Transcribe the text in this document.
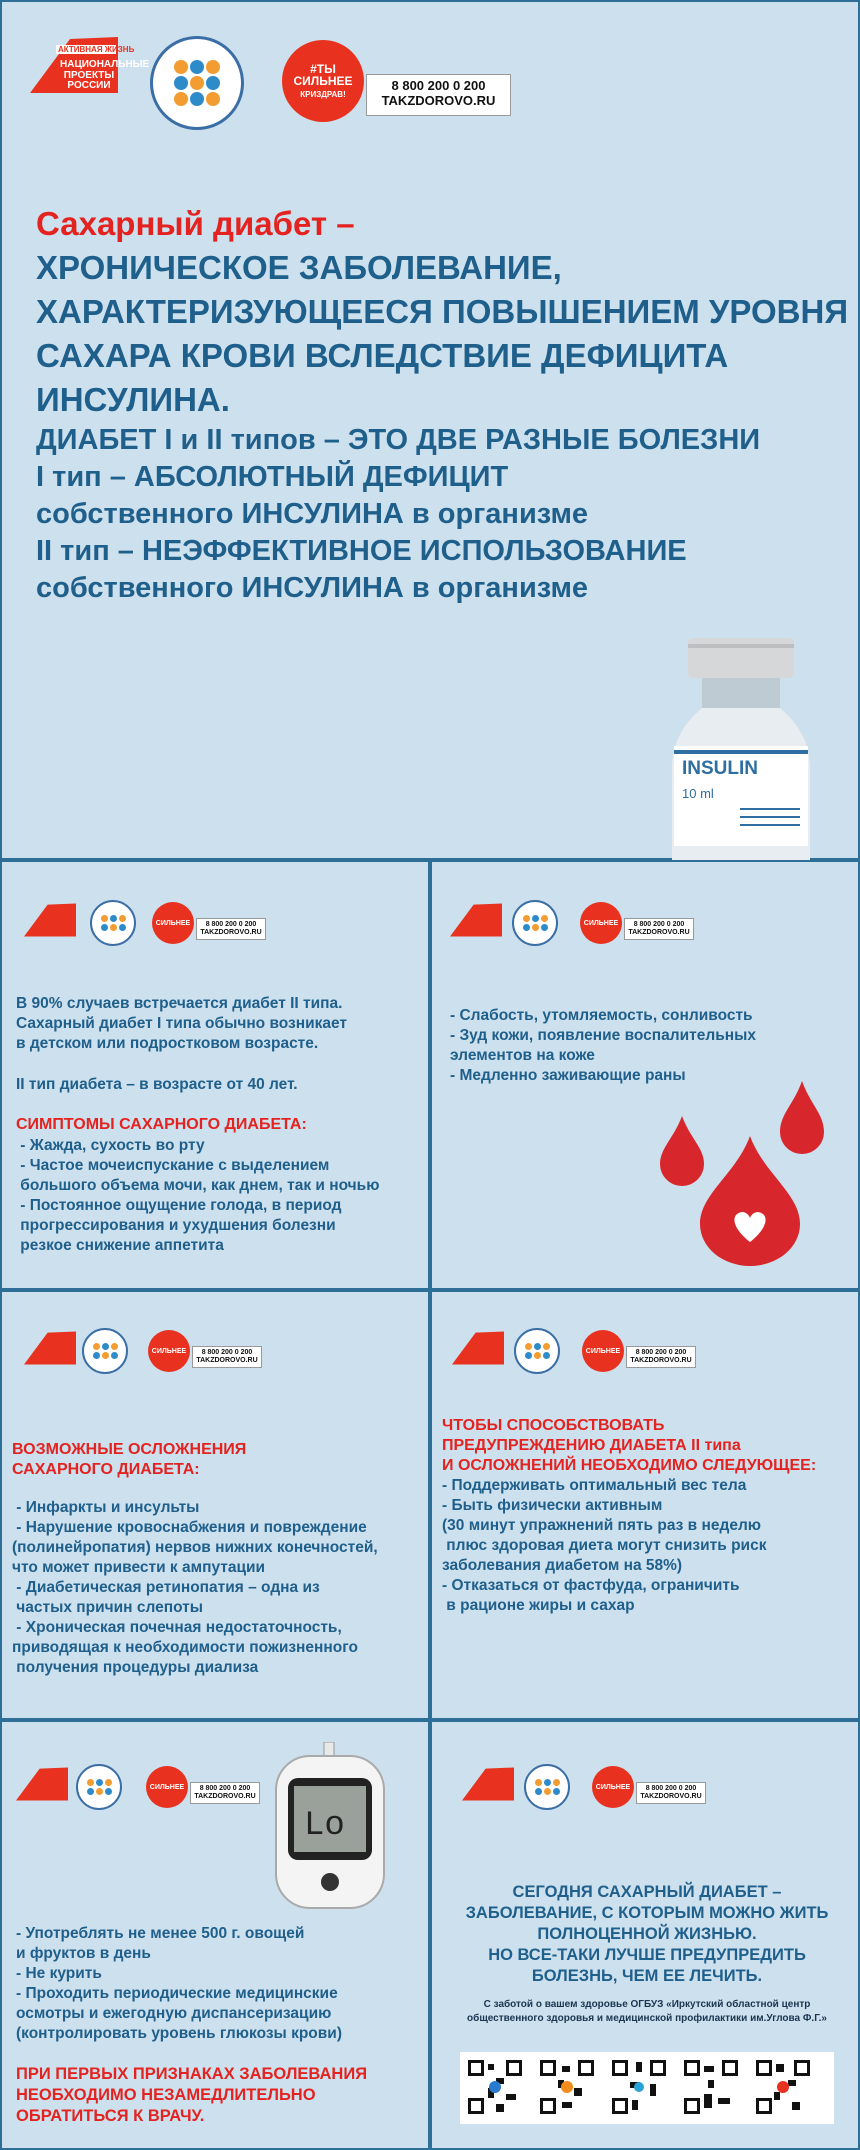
АКТИВНАЯ ЖИЗНЬ
НАЦИОНАЛЬНЫЕ
ПРОЕКТЫ
РОССИИ
#ТЫ
СИЛЬНЕЕ
КРИЗДРАВ!
8 800 200 0 200
TAKZDOROVO.RU
Сахарный диабет –
ХРОНИЧЕСКОЕ ЗАБОЛЕВАНИЕ,
ХАРАКТЕРИЗУЮЩЕЕСЯ ПОВЫШЕНИЕМ УРОВНЯ
САХАРА КРОВИ ВСЛЕДСТВИЕ ДЕФИЦИТА
ИНСУЛИНА.
ДИАБЕТ I и II типов – ЭТО ДВЕ РАЗНЫЕ БОЛЕЗНИ
I тип – АБСОЛЮТНЫЙ ДЕФИЦИТ
собственного ИНСУЛИНА в организме
II тип – НЕЭФФЕКТИВНОЕ ИСПОЛЬЗОВАНИЕ
собственного ИНСУЛИНА в организме
INSULIN
10 ml
СИЛЬНЕЕ	8 800 200 0 200
TAKZDOROVO.RU
В 90% случаев встречается диабет II типа.
Сахарный диабет I типа обычно возникает
в детском или подростковом возрасте.
II тип диабета – в возрасте от 40 лет.
СИМПТОМЫ САХАРНОГО ДИАБЕТА:
- Жажда, сухость во рту
- Частое мочеиспускание с выделением
большого объема мочи, как днем, так и ночью
- Постоянное ощущение голода, в период
прогрессирования и ухудшения болезни
резкое снижение аппетита
СИЛЬНЕЕ	8 800 200 0 200
TAKZDOROVO.RU
- Слабость, утомляемость, сонливость
- Зуд кожи, появление воспалительных
элементов на коже
- Медленно заживающие раны
СИЛЬНЕЕ	8 800 200 0 200
TAKZDOROVO.RU
ВОЗМОЖНЫЕ ОСЛОЖНЕНИЯ
САХАРНОГО ДИАБЕТА:
- Инфаркты и инсульты
- Нарушение кровоснабжения и повреждение
(полинейропатия) нервов нижних конечностей,
что может привести к ампутации
- Диабетическая ретинопатия – одна из
частых причин слепоты
- Хроническая почечная недостаточность,
приводящая к необходимости пожизненного
получения процедуры диализа
СИЛЬНЕЕ	8 800 200 0 200
TAKZDOROVO.RU
ЧТОБЫ СПОСОБСТВОВАТЬ
ПРЕДУПРЕЖДЕНИЮ ДИАБЕТА II типа
И ОСЛОЖНЕНИЙ НЕОБХОДИМО СЛЕДУЮЩЕЕ:
- Поддерживать оптимальный вес тела
- Быть физически активным
(30 минут упражнений пять раз в неделю
плюс здоровая диета могут снизить риск
заболевания диабетом на 58%)
- Отказаться от фастфуда, ограничить
в рационе жиры и сахар
СИЛЬНЕЕ	8 800 200 0 200
TAKZDOROVO.RU
Lo
- Употреблять не менее 500 г. овощей
и фруктов в день
- Не курить
- Проходить периодические медицинские
осмотры и ежегодную диспансеризацию
(контролировать уровень глюкозы крови)
ПРИ ПЕРВЫХ ПРИЗНАКАХ ЗАБОЛЕВАНИЯ
НЕОБХОДИМО НЕЗАМЕДЛИТЕЛЬНО
ОБРАТИТЬСЯ К ВРАЧУ.
СИЛЬНЕЕ	8 800 200 0 200
TAKZDOROVO.RU
СЕГОДНЯ САХАРНЫЙ ДИАБЕТ –
ЗАБОЛЕВАНИЕ, С КОТОРЫМ МОЖНО ЖИТЬ
ПОЛНОЦЕННОЙ ЖИЗНЬЮ.
НО ВСЕ-ТАКИ ЛУЧШЕ ПРЕДУПРЕДИТЬ
БОЛЕЗНЬ, ЧЕМ ЕЕ ЛЕЧИТЬ.
С заботой о вашем здоровье ОГБУЗ «Иркутский областной центр
общественного здоровья и медицинской профилактики им.Углова Ф.Г.»
